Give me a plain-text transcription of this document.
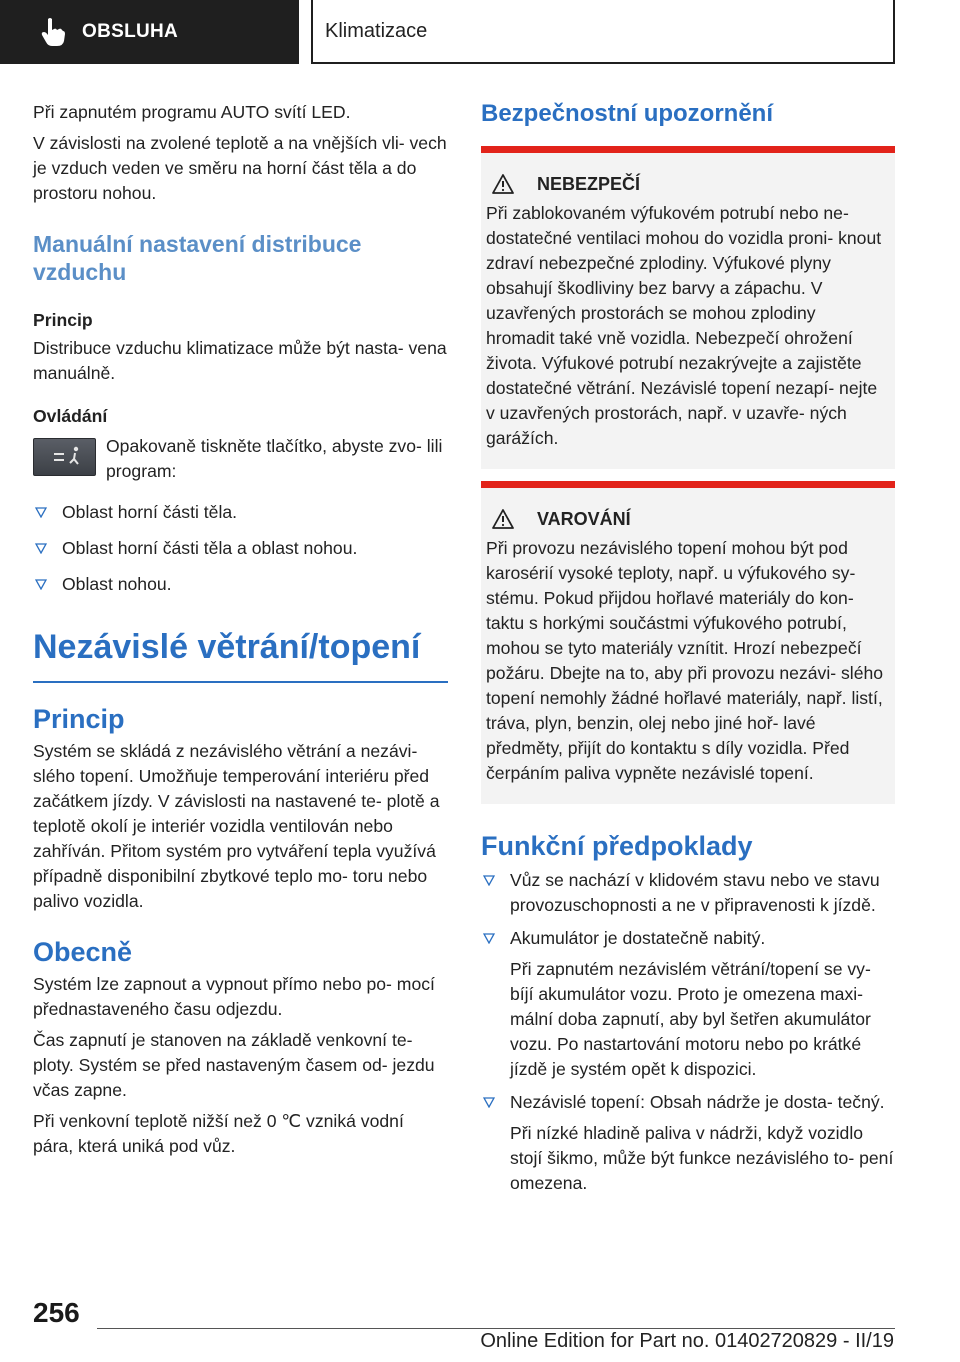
OBSLUHA	Klimatizace

Při zapnutém programu AUTO svítí LED.

V závislosti na zvolené teplotě a na vnějších vli- vech je vzduch veden ve směru na horní část těla a do prostoru nohou.

Manuální nastavení distribuce vzduchu
Princip

Distribuce vzduchu klimatizace může být nasta- vena manuálně.

Ovládání

Opakovaně tiskněte tlačítko, abyste zvo- lili program:

Oblast horní části těla.
Oblast horní části těla a oblast nohou.
Oblast nohou.
Nezávislé větrání/topení
Princip

Systém se skládá z nezávislého větrání a nezávi- slého topení. Umožňuje temperování interiéru před začátkem jízdy. V závislosti na nastavené te- plotě a teplotě okolí je interiér vozidla ventilován nebo zahříván. Přitom systém pro vytváření tepla využívá případně disponibilní zbytkové teplo mo- toru nebo palivo vozidla.

Obecně

Systém lze zapnout a vypnout přímo nebo po- mocí přednastaveného času odjezdu.

Čas zapnutí je stanoven na základě venkovní te- ploty. Systém se před nastaveným časem od- jezdu včas zapne.

Při venkovní teplotě nižší než 0 ℃ vzniká vodní pára, která uniká pod vůz.

Bezpečnostní upozornění
NEBEZPEČÍ

Při zablokovaném výfukovém potrubí nebo ne- dostatečné ventilaci mohou do vozidla proni- knout zdraví nebezpečné zplodiny. Výfukové plyny obsahují škodliviny bez barvy a zápachu. V uzavřených prostorách se mohou zplodiny hromadit také vně vozidla. Nebezpečí ohrožení života. Výfukové potrubí nezakrývejte a zajistěte dostatečné větrání. Nezávislé topení nezapí- nejte v uzavřených prostorách, např. v uzavře- ných garážích.

VAROVÁNÍ

Při provozu nezávislého topení mohou být pod karosérií vysoké teploty, např. u výfukového sy- stému. Pokud přijdou hořlavé materiály do kon- taktu s horkými součástmi výfukového potrubí, mohou se tyto materiály vznítit. Hrozí nebezpečí požáru. Dbejte na to, aby při provozu nezávi- slého topení nemohly žádné hořlavé materiály, např. listí, tráva, plyn, benzin, olej nebo jiné hoř- lavé předměty, přijít do kontaktu s díly vozidla. Před čerpáním paliva vypněte nezávislé topení.

Funkční předpoklady
Vůz se nachází v klidovém stavu nebo ve stavu provozuschopnosti a ne v připravenosti k jízdě.
Akumulátor je dostatečně nabitý.

Při zapnutém nezávislém větrání/topení se vy- bíjí akumulátor vozu. Proto je omezena maxi- mální doba zapnutí, aby byl šetřen akumulátor vozu. Po nastartování motoru nebo po krátké jízdě je systém opět k dispozici.

Nezávislé topení: Obsah nádrže je dosta- tečný.

Při nízké hladině paliva v nádrži, když vozidlo stojí šikmo, může být funkce nezávislého to- pení omezena.

256
Online Edition for Part no. 01402720829 - II/19
